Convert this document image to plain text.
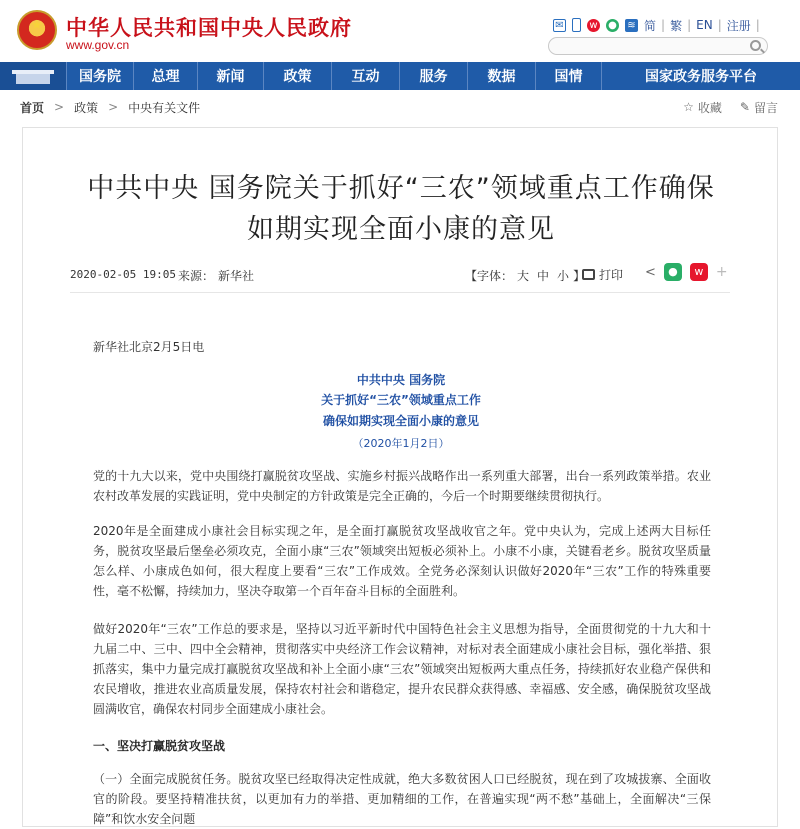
★ 中华人民共和国中央人民政府
www.gov.cn
✉	w ● ≋ 简 | 繁 | EN | 注册 |
国务院	总理	新闻	政策	互动	服务	数据	国情	国家政务服务平台
首页 > 政策 > 中央有关文件	☆ 收藏 ✎ 留言
中共中央 国务院关于抓好“三农”领域重点工作确保
如期实现全面小康的意见
2020-02-05 19:05 来源： 新华社	【字体： 大 中 小 】 打印 <	●	w +
新华社北京2月5日电
中共中央 国务院
关于抓好“三农”领域重点工作
确保如期实现全面小康的意见
（2020年1月2日）

党的十九大以来，党中央围绕打赢脱贫攻坚战、实施乡村振兴战略作出一系列重大部署，出台一系列政策举措。农业农村改革发展的实践证明，党中央制定的方针政策是完全正确的，今后一个时期要继续贯彻执行。

2020年是全面建成小康社会目标实现之年，是全面打赢脱贫攻坚战收官之年。党中央认为，完成上述两大目标任务，脱贫攻坚最后堡垒必须攻克，全面小康“三农”领域突出短板必须补上。小康不小康，关键看老乡。脱贫攻坚质量怎么样、小康成色如何，很大程度上要看“三农”工作成效。全党务必深刻认识做好2020年“三农”工作的特殊重要性，毫不松懈，持续加力，坚决夺取第一个百年奋斗目标的全面胜利。

做好2020年“三农”工作总的要求是，坚持以习近平新时代中国特色社会主义思想为指导，全面贯彻党的十九大和十九届二中、三中、四中全会精神，贯彻落实中央经济工作会议精神，对标对表全面建成小康社会目标，强化举措、狠抓落实，集中力量完成打赢脱贫攻坚战和补上全面小康“三农”领域突出短板两大重点任务，持续抓好农业稳产保供和农民增收，推进农业高质量发展，保持农村社会和谐稳定，提升农民群众获得感、幸福感、安全感，确保脱贫攻坚战圆满收官，确保农村同步全面建成小康社会。

一、坚决打赢脱贫攻坚战

（一）全面完成脱贫任务。脱贫攻坚已经取得决定性成就，绝大多数贫困人口已经脱贫，现在到了攻城拔寨、全面收官的阶段。要坚持精准扶贫，以更加有力的举措、更加精细的工作，在普遍实现“两不愁”基础上，全面解决“三保障”和饮水安全问题
